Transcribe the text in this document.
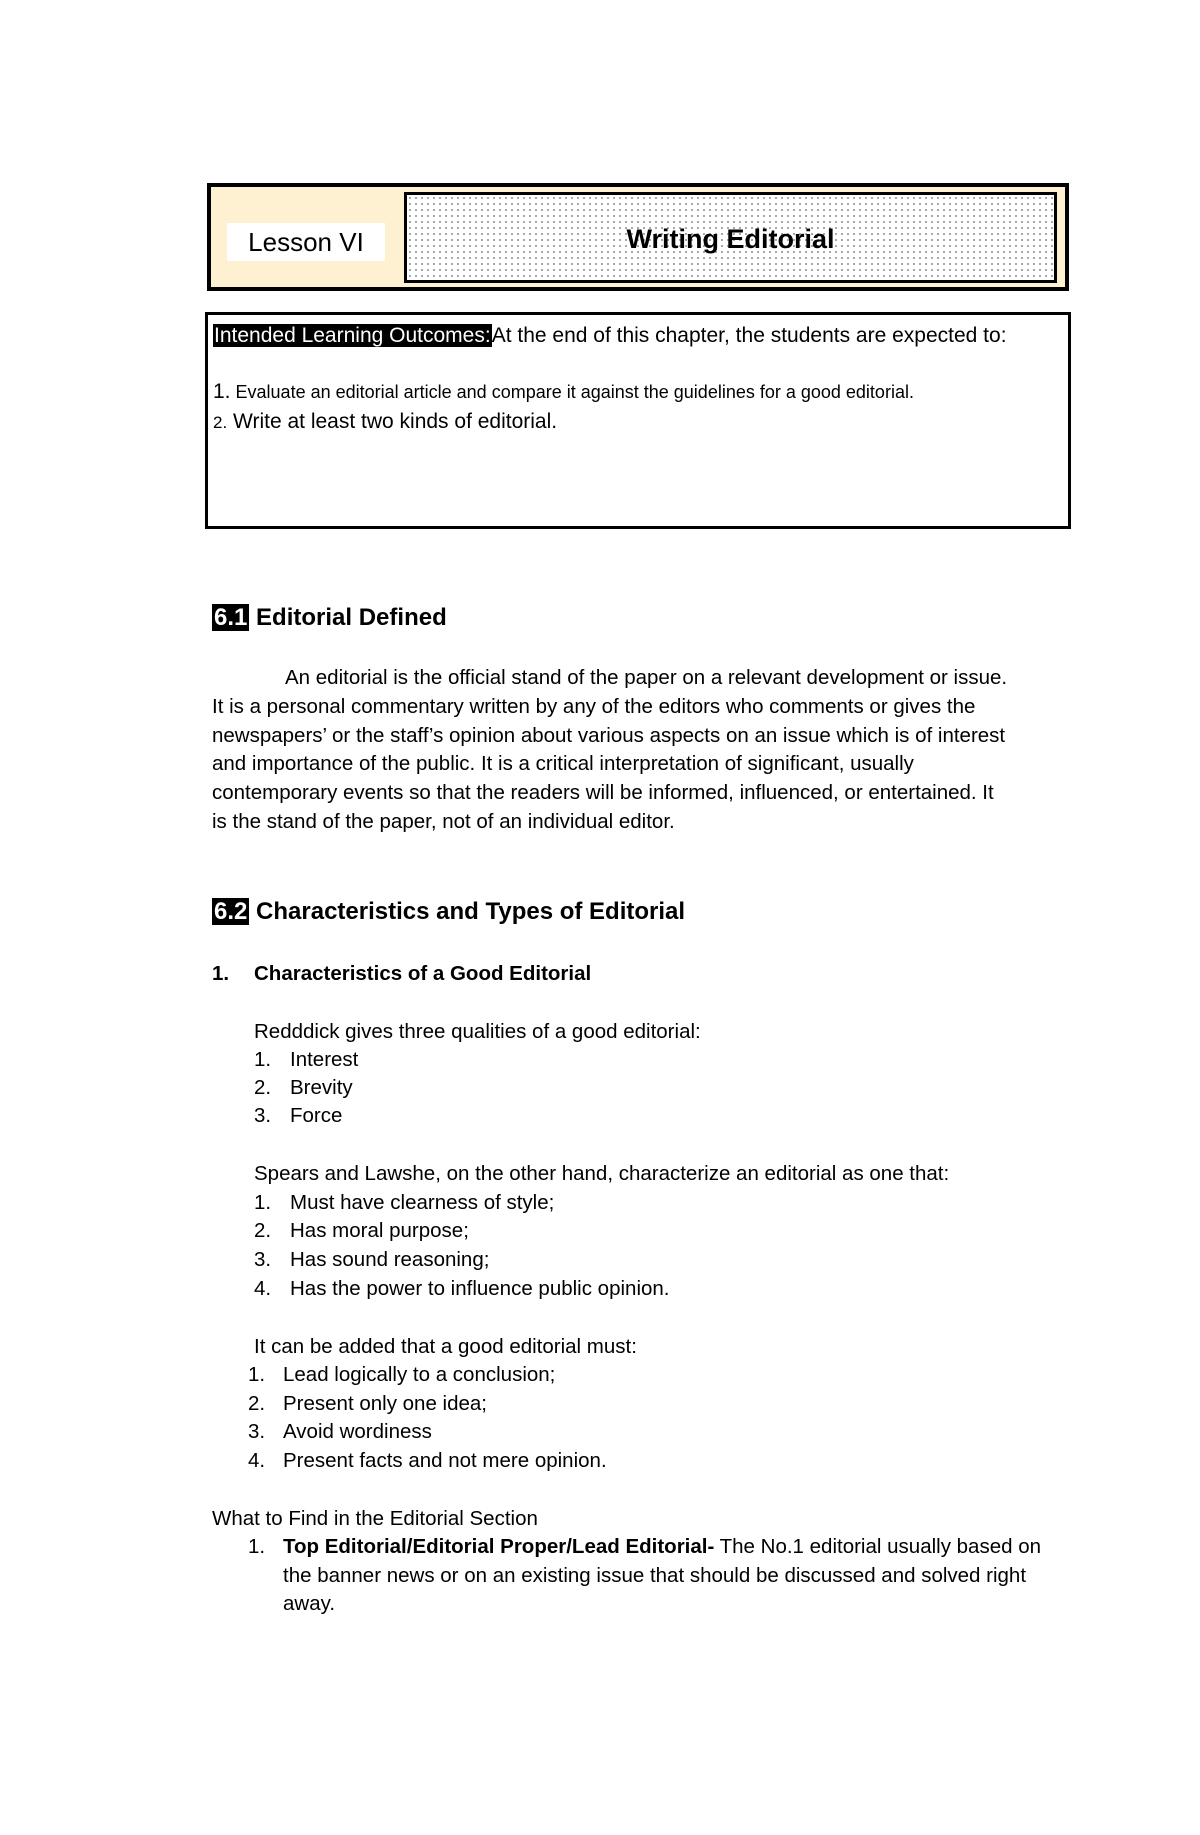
Lesson VI	Writing Editorial
Intended Learning Outcomes:At the end of this chapter, the students are expected to:
1. Evaluate an editorial article and compare it against the guidelines for a good editorial.
2. Write at least two kinds of editorial.
6.1 Editorial Defined
An editorial is the official stand of the paper on a relevant development or issue.
It is a personal commentary written by any of the editors who comments or gives the
newspapers’ or the staff’s opinion about various aspects on an issue which is of interest
and importance of the public. It is a critical interpretation of significant, usually
contemporary events so that the readers will be informed, influenced, or entertained. It
is the stand of the paper, not of an individual editor.
6.2 Characteristics and Types of Editorial
1. Characteristics of a Good Editorial
Redddick gives three qualities of a good editorial:
1. Interest
2. Brevity
3. Force
Spears and Lawshe, on the other hand, characterize an editorial as one that:
1. Must have clearness of style;
2. Has moral purpose;
3. Has sound reasoning;
4. Has the power to influence public opinion.
It can be added that a good editorial must:
1. Lead logically to a conclusion;
2. Present only one idea;
3. Avoid wordiness
4. Present facts and not mere opinion.
What to Find in the Editorial Section
1. Top Editorial/Editorial Proper/Lead Editorial- The No.1 editorial usually based on
the banner news or on an existing issue that should be discussed and solved right
away.
